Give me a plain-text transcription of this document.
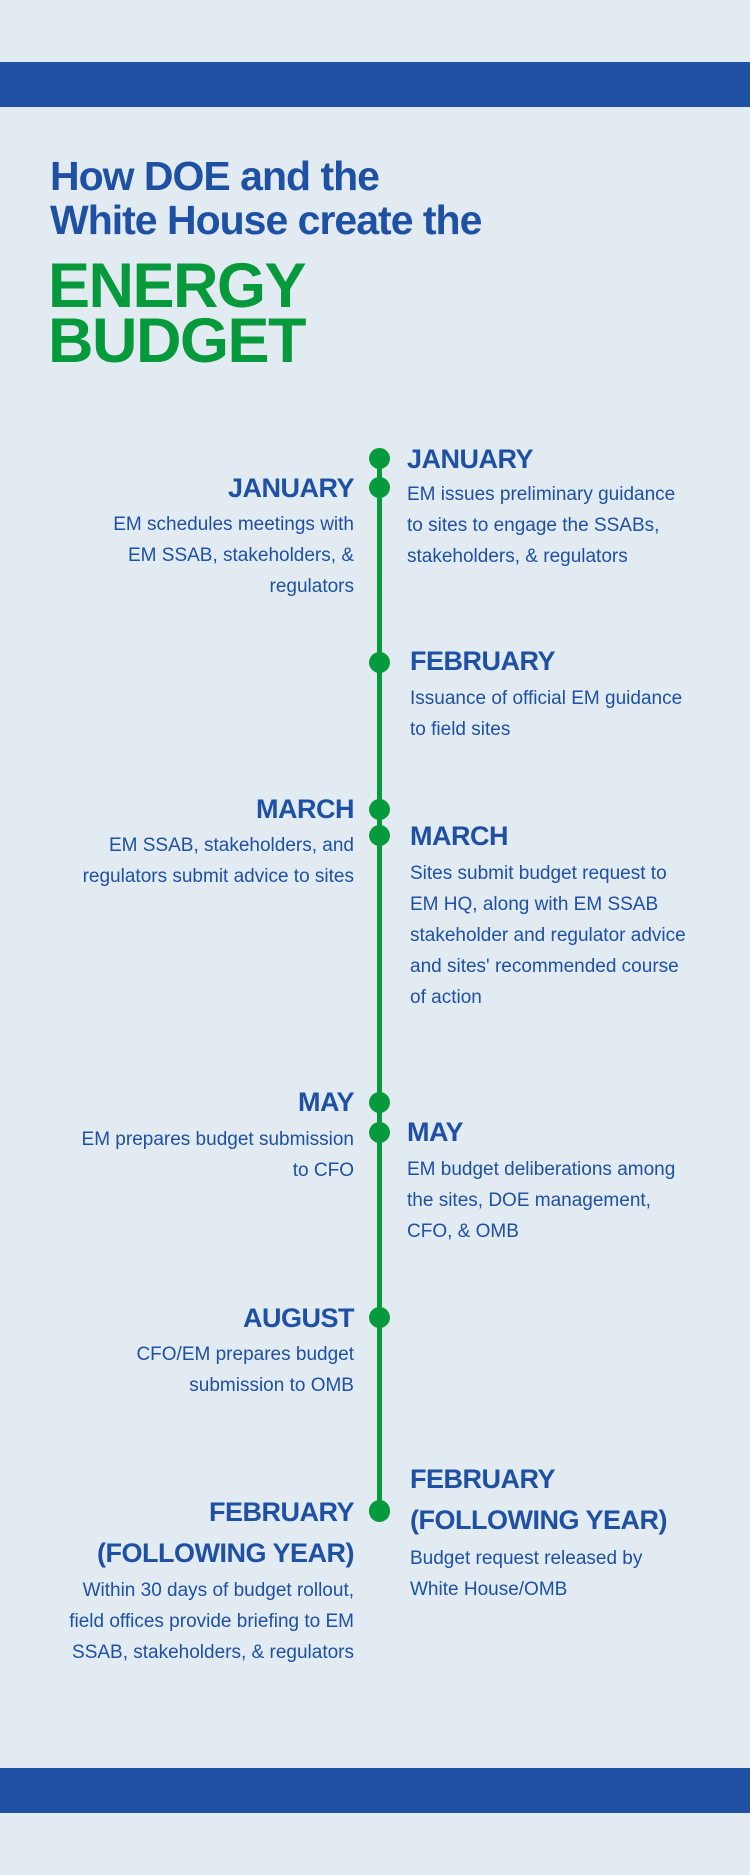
How DOE and the
White House create the
ENERGY
BUDGET
JANUARY
EM schedules meetings with
EM SSAB, stakeholders, &
regulators
MARCH
EM SSAB, stakeholders, and
regulators submit advice to sites
MAY
EM prepares budget submission
to CFO
AUGUST
CFO/EM prepares budget
submission to OMB
FEBRUARY
(FOLLOWING YEAR)
Within 30 days of budget rollout,
field offices provide briefing to EM
SSAB, stakeholders, & regulators
JANUARY
EM issues preliminary guidance
to sites to engage the SSABs,
stakeholders, & regulators
FEBRUARY
Issuance of official EM guidance
to field sites
MARCH
Sites submit budget request to
EM HQ, along with EM SSAB
stakeholder and regulator advice
and sites' recommended course
of action
MAY
EM budget deliberations among
the sites, DOE management,
CFO, & OMB
FEBRUARY
(FOLLOWING YEAR)
Budget request released by
White House/OMB
